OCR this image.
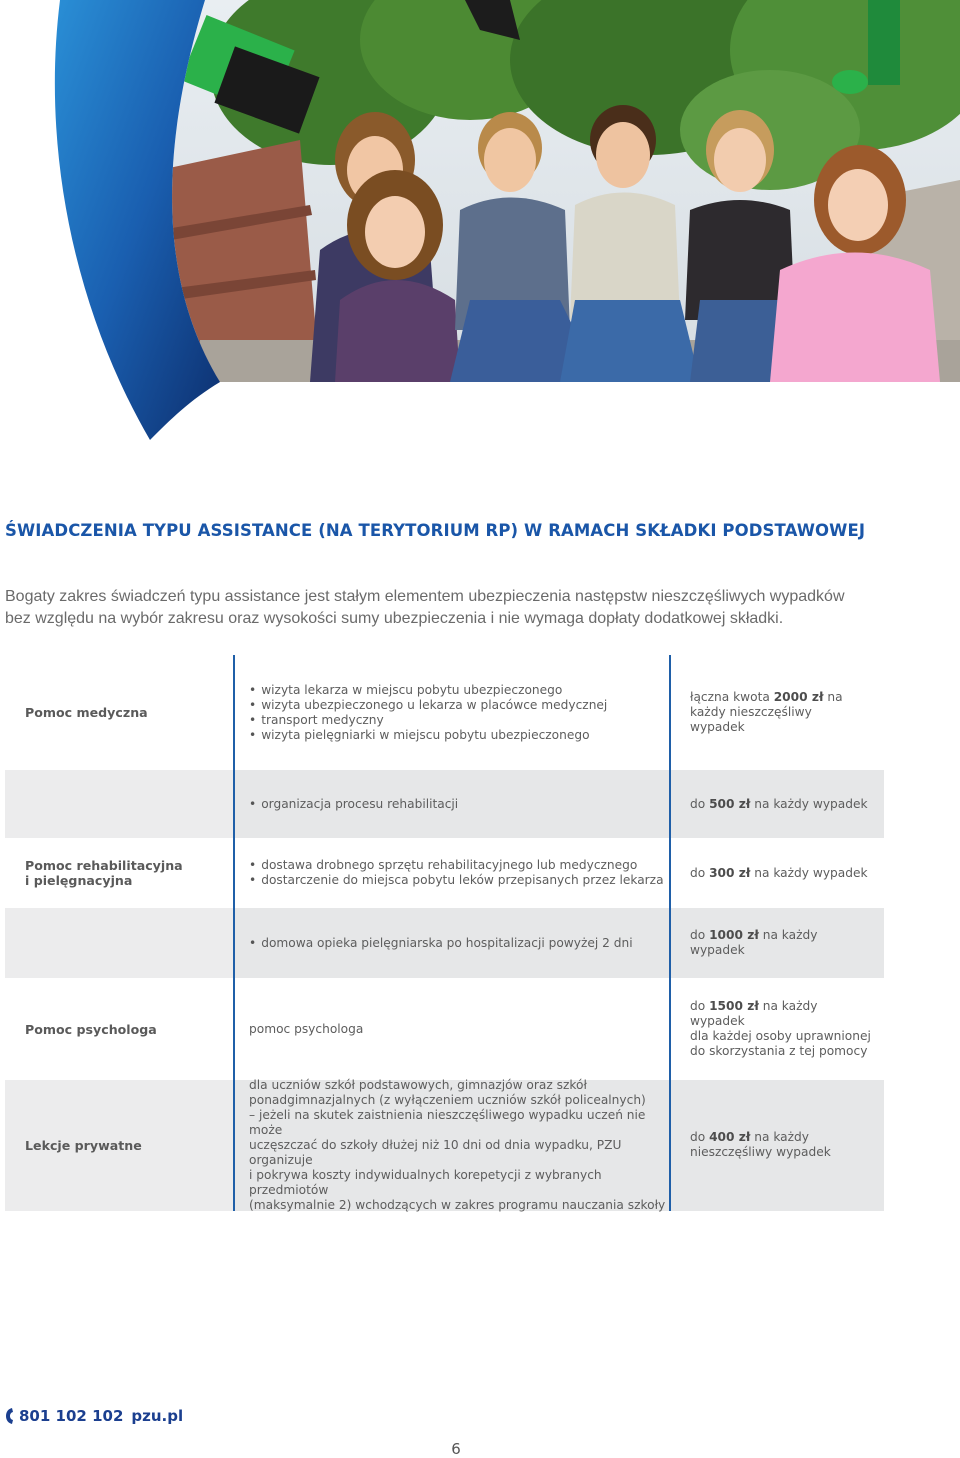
ŚWIADCZENIA TYPU ASSISTANCE (NA TERYTORIUM RP) W RAMACH SKŁADKI PODSTAWOWEJ

Bogaty zakres świadczeń typu assistance jest stałym elementem ubezpieczenia następstw nieszczęśliwych wypadków
bez względu na wybór zakresu oraz wysokości sumy ubezpieczenia i nie wymaga dopłaty dodatkowej składki.

Pomoc medyczna
• wizyta lekarza w miejscu pobytu ubezpieczonego
• wizyta ubezpieczonego u lekarza w placówce medycznej
• transport medyczny
• wizyta pielęgniarki w miejscu pobytu ubezpieczonego
łączna kwota 2000 zł na każdy nieszczęśliwy wypadek
• organizacja procesu rehabilitacji	do 500 zł na każdy wypadek
• dostawa drobnego sprzętu rehabilitacyjnego lub medycznego
• dostarczenie do miejsca pobytu leków przepisanych przez lekarza
do 300 zł na każdy wypadek
• domowa opieka pielęgniarska po hospitalizacji powyżej 2 dni
do 1000 zł na każdy wypadek
Pomoc rehabilitacyjna
i pielęgnacyjna
Pomoc psychologa	pomoc psychologa
do 1500 zł na każdy wypadek
dla każdej osoby uprawnionej
do skorzystania z tej pomocy
Lekcje prywatne
dla uczniów szkół podstawowych, gimnazjów oraz szkół
ponadgimnazjalnych (z wyłączeniem uczniów szkół policealnych)
– jeżeli na skutek zaistnienia nieszczęśliwego wypadku uczeń nie może
uczęszczać do szkoły dłużej niż 10 dni od dnia wypadku, PZU organizuje
i pokrywa koszty indywidualnych korepetycji z wybranych przedmiotów
(maksymalnie 2) wchodzących w zakres programu nauczania szkoły
do 400 zł na każdy
nieszczęśliwy wypadek
801 102 102 pzu.pl
6
